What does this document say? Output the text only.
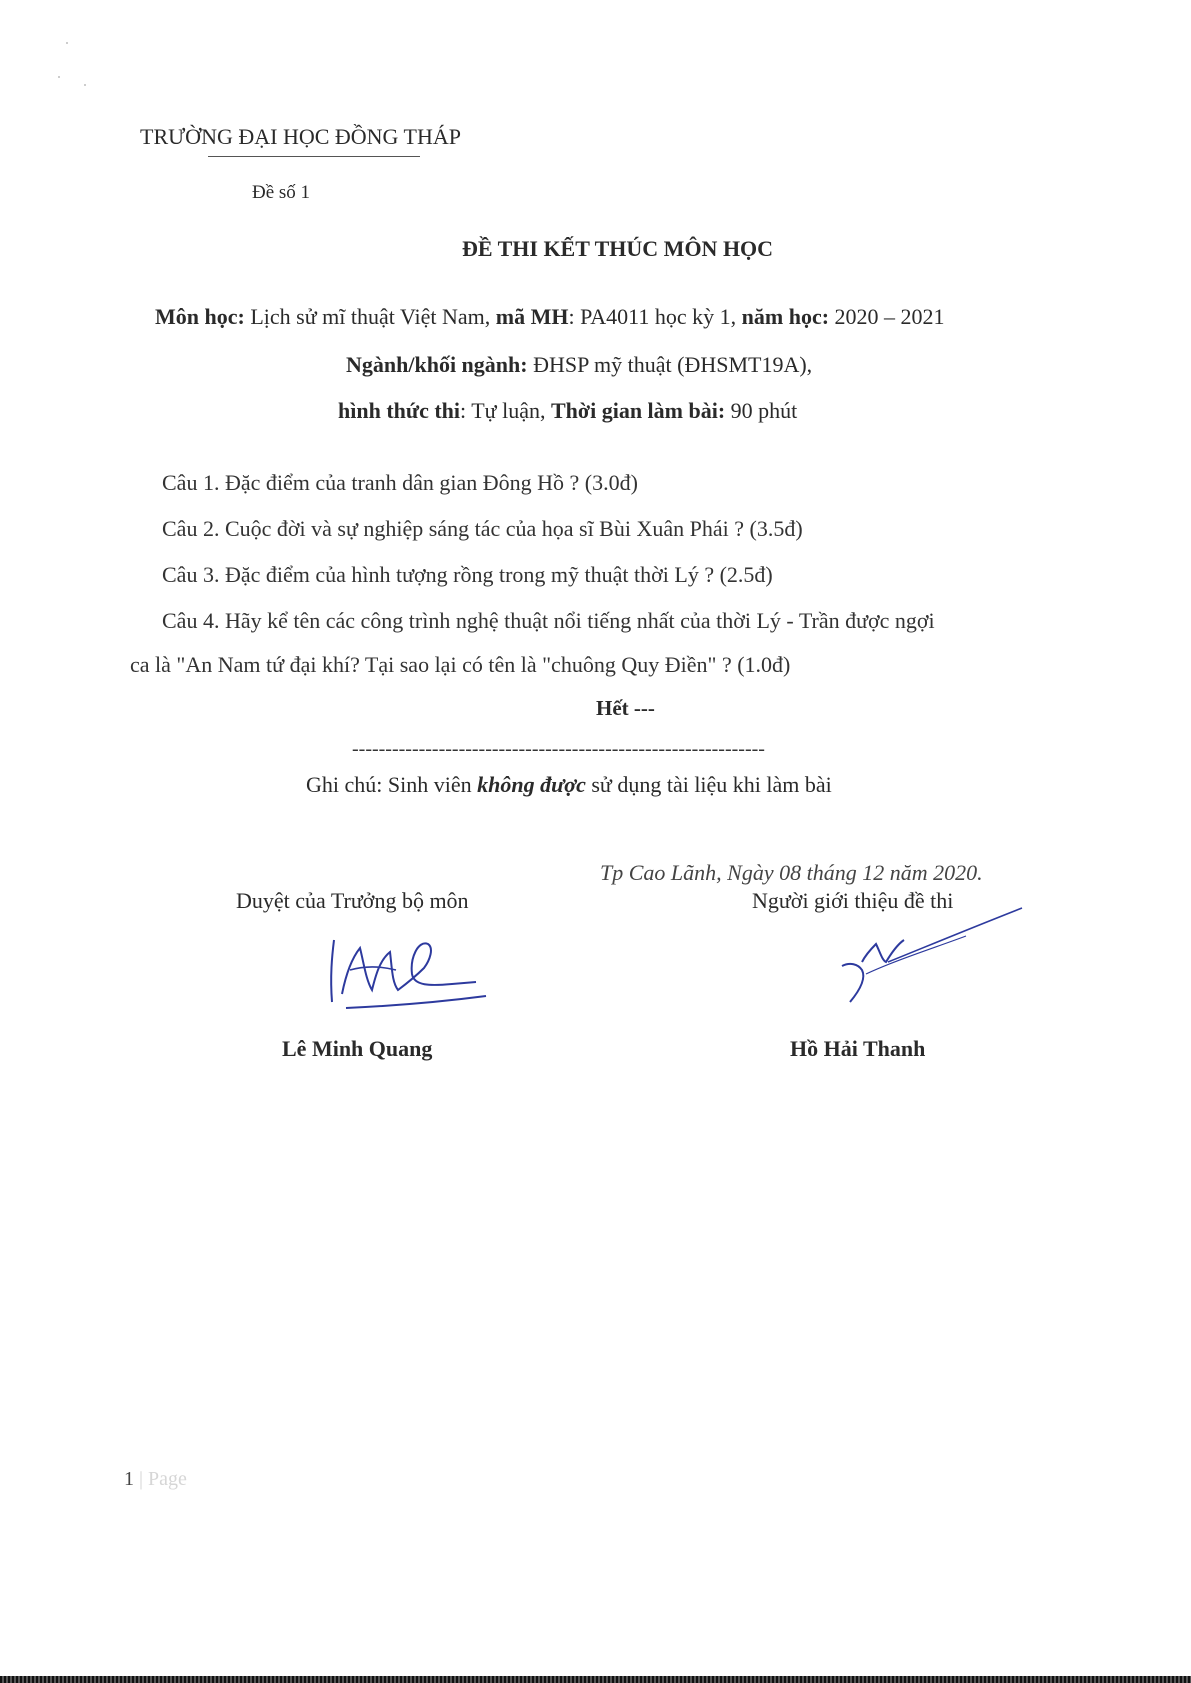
TRƯỜNG ĐẠI HỌC ĐỒNG THÁP
Đề số 1
ĐỀ THI KẾT THÚC MÔN HỌC
Môn học: Lịch sử mĩ thuật Việt Nam, mã MH: PA4011 học kỳ 1, năm học: 2020 – 2021
Ngành/khối ngành: ĐHSP mỹ thuật (ĐHSMT19A),
hình thức thi: Tự luận, Thời gian làm bài: 90 phút
Câu 1. Đặc điểm của tranh dân gian Đông Hồ ? (3.0đ)
Câu 2. Cuộc đời và sự nghiệp sáng tác của họa sĩ Bùi Xuân Phái ? (3.5đ)
Câu 3. Đặc điểm của hình tượng rồng trong mỹ thuật thời Lý ? (2.5đ)
Câu 4. Hãy kể tên các công trình nghệ thuật nổi tiếng nhất của thời Lý - Trần được ngợi
ca là "An Nam tứ đại khí? Tại sao lại có tên là "chuông Quy Điền" ? (1.0đ)
Hết ---
--------------------------------------------------------------
Ghi chú: Sinh viên không được sử dụng tài liệu khi làm bài
Tp Cao Lãnh, Ngày 08 tháng 12 năm 2020.
Duyệt của Trưởng bộ môn	Người giới thiệu đề thi
Lê Minh Quang	Hồ Hải Thanh
1 | Page
